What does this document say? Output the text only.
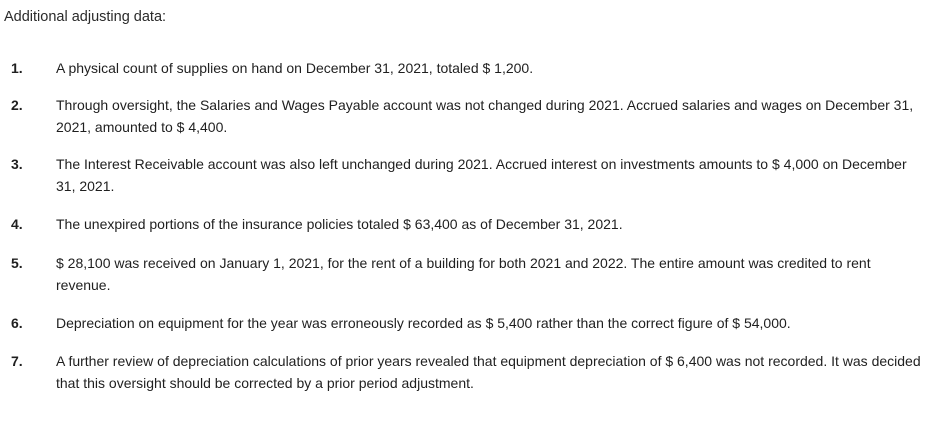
Additional adjusting data:
1. A physical count of supplies on hand on December 31, 2021, totaled $ 1,200.
2. Through oversight, the Salaries and Wages Payable account was not changed during 2021. Accrued salaries and wages on December 31, 2021, amounted to $ 4,400.
3. The Interest Receivable account was also left unchanged during 2021. Accrued interest on investments amounts to $ 4,000 on December 31, 2021.
4. The unexpired portions of the insurance policies totaled $ 63,400 as of December 31, 2021.
5. $ 28,100 was received on January 1, 2021, for the rent of a building for both 2021 and 2022. The entire amount was credited to rent revenue.
6. Depreciation on equipment for the year was erroneously recorded as $ 5,400 rather than the correct figure of $ 54,000.
7. A further review of depreciation calculations of prior years revealed that equipment depreciation of $ 6,400 was not recorded. It was decided that this oversight should be corrected by a prior period adjustment.
